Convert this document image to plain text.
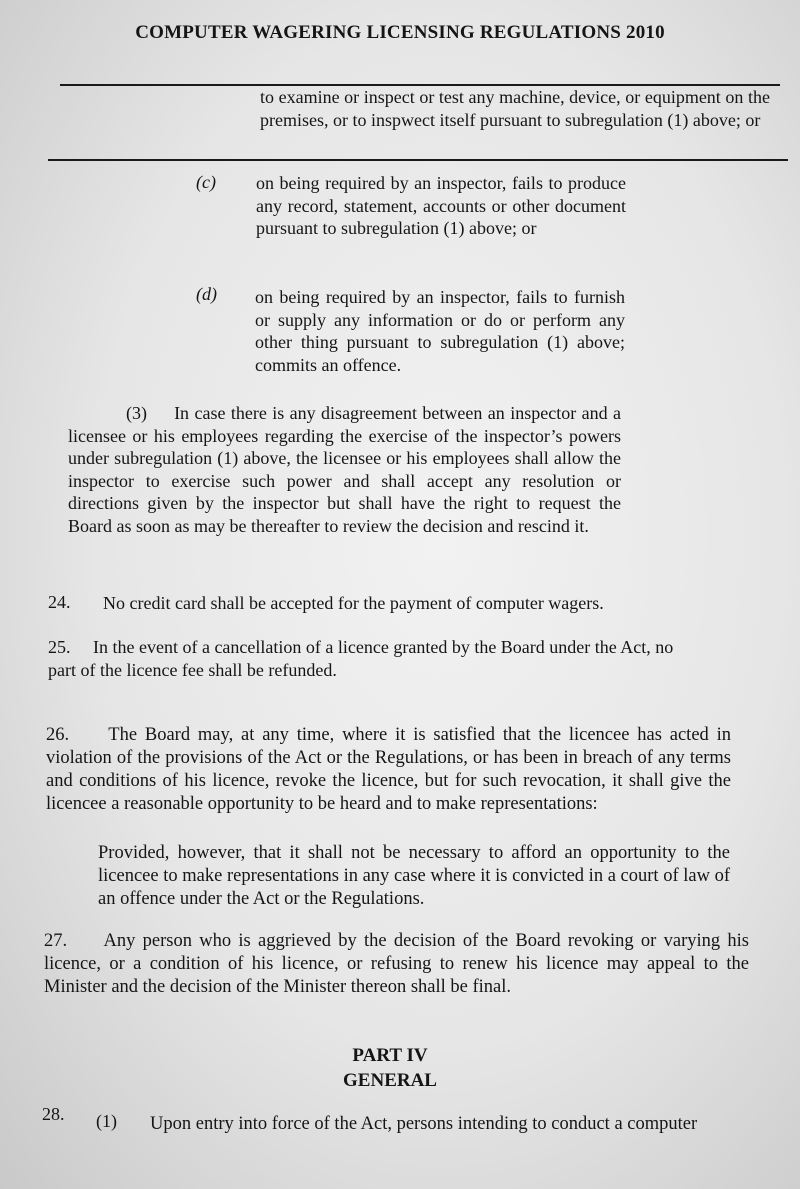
COMPUTER WAGERING LICENSING REGULATIONS 2010
to examine or inspect or test any machine, device, or equipment on the premises, or to inspwect itself pursuant to subregulation (1) above; or
(c) on being required by an inspector, fails to produce any record, statement, accounts or other document pursuant to subregulation (1) above; or
(d) on being required by an inspector, fails to furnish or supply any information or do or perform any other thing pursuant to subregulation (1) above; commits an offence.
(3) In case there is any disagreement between an inspector and a licensee or his employees regarding the exercise of the inspector’s powers under subregulation (1) above, the licensee or his employees shall allow the inspector to exercise such power and shall accept any resolution or directions given by the inspector but shall have the right to request the Board as soon as may be thereafter to review the decision and rescind it.
24. No credit card shall be accepted for the payment of computer wagers.
25. In the event of a cancellation of a licence granted by the Board under the Act, no part of the licence fee shall be refunded.
26. The Board may, at any time, where it is satisfied that the licencee has acted in violation of the provisions of the Act or the Regulations, or has been in breach of any terms and conditions of his licence, revoke the licence, but for such revocation, it shall give the licencee a reasonable opportunity to be heard and to make representations:
Provided, however, that it shall not be necessary to afford an opportunity to the licencee to make representations in any case where it is convicted in a court of law of an offence under the Act or the Regulations.
27. Any person who is aggrieved by the decision of the Board revoking or varying his licence, or a condition of his licence, or refusing to renew his licence may appeal to the Minister and the decision of the Minister thereon shall be final.
PART IV
GENERAL
28. (1) Upon entry into force of the Act, persons intending to conduct a computer
